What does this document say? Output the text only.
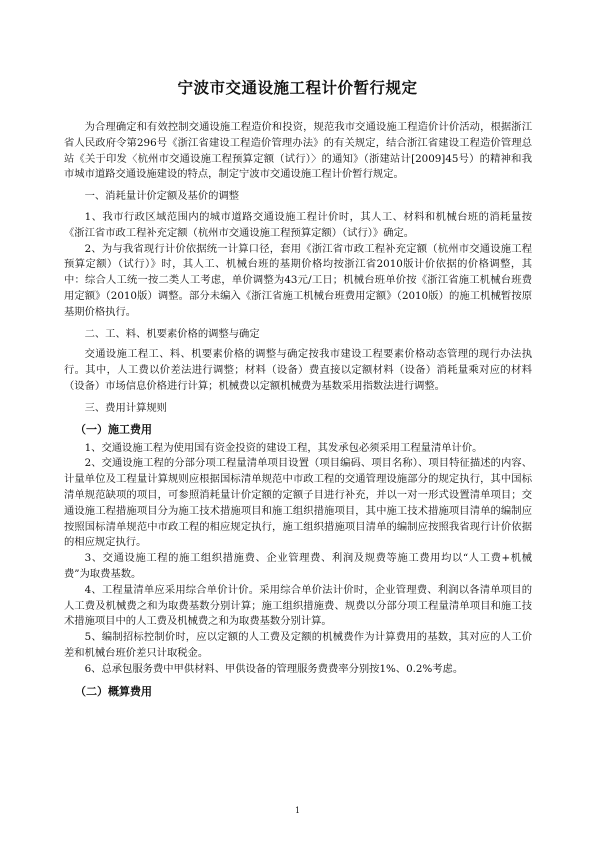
宁波市交通设施工程计价暂行规定

为合理确定和有效控制交通设施工程造价和投资，规范我市交通设施工程造价计价活动，根据浙江省人民政府令第296号《浙江省建设工程造价管理办法》的有关规定，结合浙江省建设工程造价管理总站《关于印发〈杭州市交通设施工程预算定额（试行）〉的通知》（浙建站计[2009]45号）的精神和我市城市道路交通设施建设的特点，制定宁波市交通设施工程计价暂行规定。

一、消耗量计价定额及基价的调整

1、我市行政区域范围内的城市道路交通设施工程计价时，其人工、材料和机械台班的消耗量按《浙江省市政工程补充定额（杭州市交通设施工程预算定额）（试行）》确定。

2、为与我省现行计价依据统一计算口径，套用《浙江省市政工程补充定额（杭州市交通设施工程预算定额）（试行）》时，其人工、机械台班的基期价格均按浙江省2010版计价依据的价格调整，其中：综合人工统一按二类人工考虑，单价调整为43元/工日；机械台班单价按《浙江省施工机械台班费用定额》（2010版）调整。部分未编入《浙江省施工机械台班费用定额》（2010版）的施工机械暂按原基期价格执行。

二、工、料、机要素价格的调整与确定

交通设施工程工、料、机要素价格的调整与确定按我市建设工程要素价格动态管理的现行办法执行。其中，人工费以价差法进行调整；材料（设备）费直接以定额材料（设备）消耗量乘对应的材料（设备）市场信息价格进行计算；机械费以定额机械费为基数采用指数法进行调整。

三、费用计算规则
（一）施工费用

1、交通设施工程为使用国有资金投资的建设工程，其发承包必须采用工程量清单计价。

2、交通设施工程的分部分项工程量清单项目设置（项目编码、项目名称）、项目特征描述的内容、计量单位及工程量计算规则应根据国标清单规范中市政工程的交通管理设施部分的规定执行，其中国标清单规范缺项的项目，可参照消耗量计价定额的定额子目进行补充，并以一对一形式设置清单项目；交通设施工程措施项目分为施工技术措施项目和施工组织措施项目，其中施工技术措施项目清单的编制应按照国标清单规范中市政工程的相应规定执行，施工组织措施项目清单的编制应按照我省现行计价依据的相应规定执行。

3、交通设施工程的施工组织措施费、企业管理费、利润及规费等施工费用均以“人工费+机械费”为取费基数。

4、工程量清单应采用综合单价计价。采用综合单价法计价时，企业管理费、利润以各清单项目的人工费及机械费之和为取费基数分别计算；施工组织措施费、规费以分部分项工程量清单项目和施工技术措施项目中的人工费及机械费之和为取费基数分别计算。

5、编制招标控制价时，应以定额的人工费及定额的机械费作为计算费用的基数，其对应的人工价差和机械台班价差只计取税金。

6、总承包服务费中甲供材料、甲供设备的管理服务费费率分别按1%、0.2%考虑。

（二）概算费用
1
